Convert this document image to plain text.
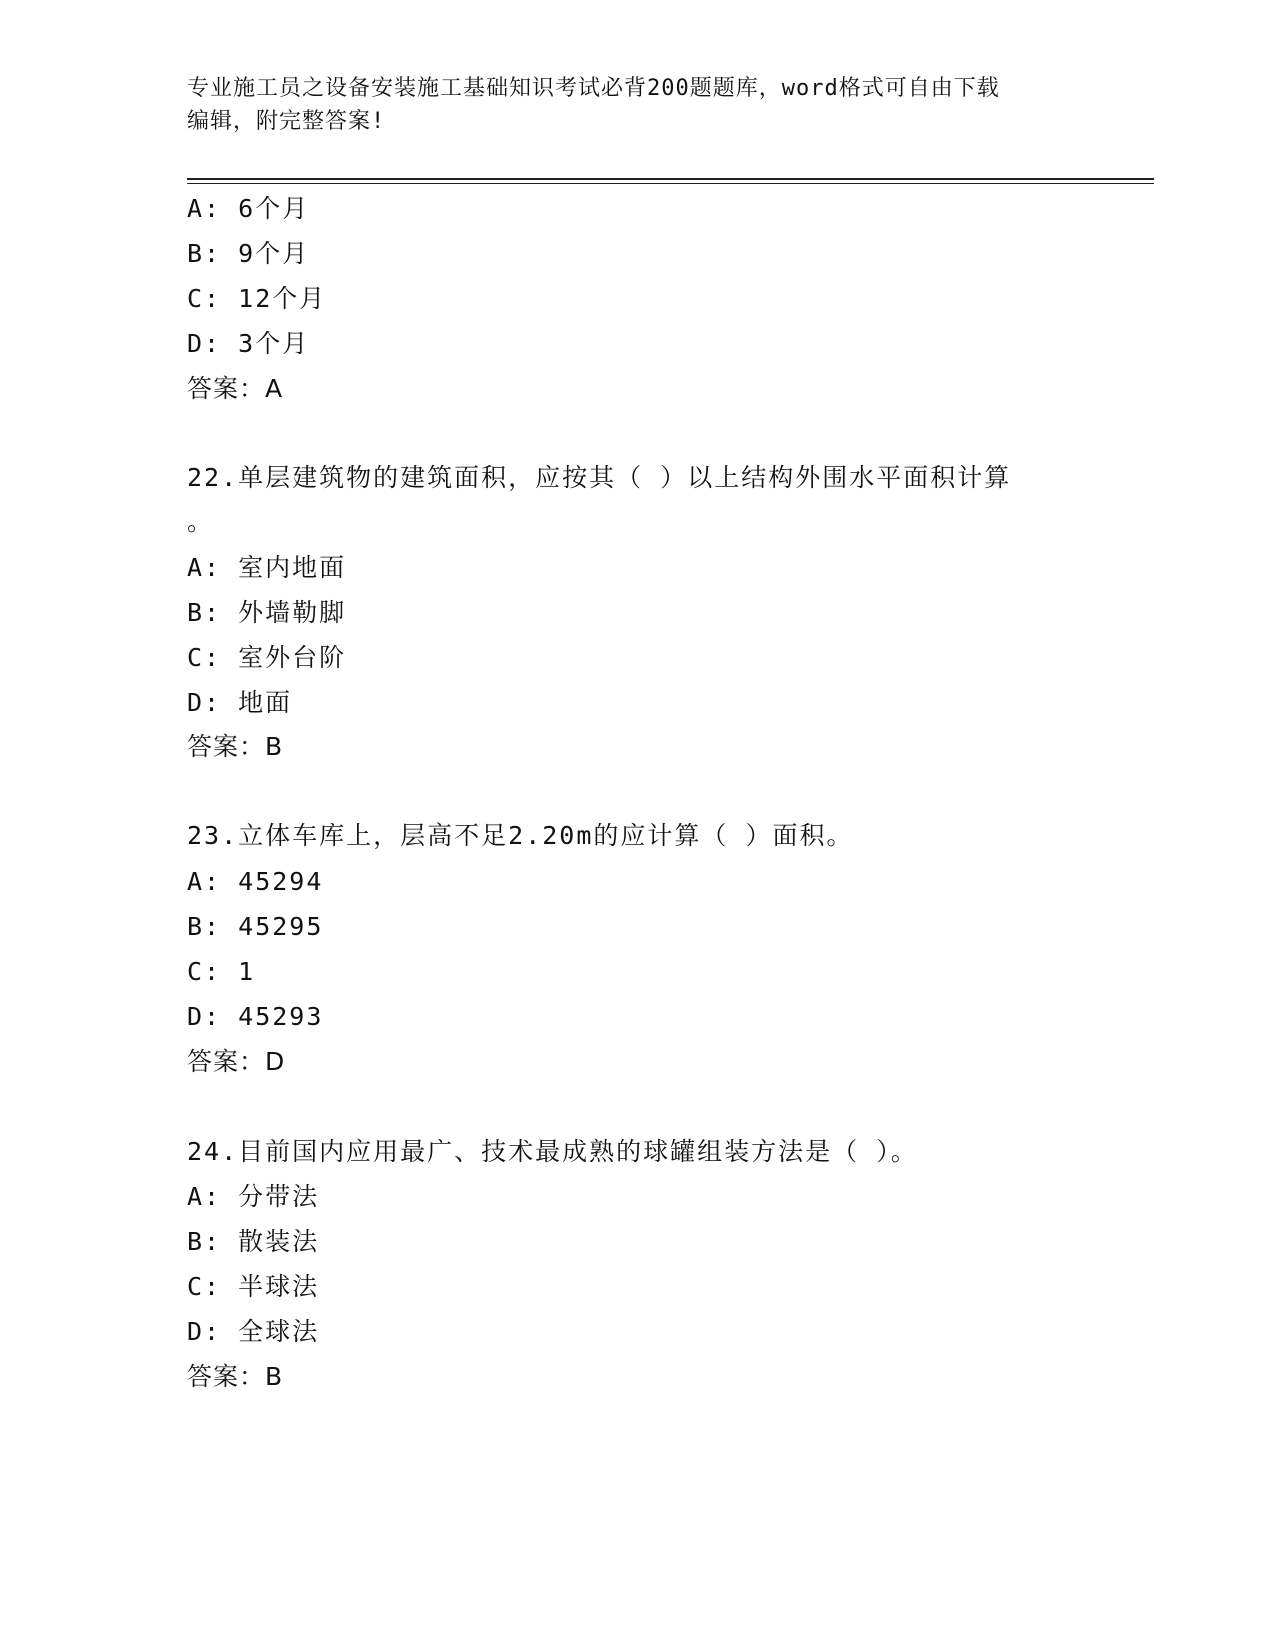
专业施工员之设备安装施工基础知识考试必背200题题库，word格式可自由下载
编辑，附完整答案!
A: 6个月
B: 9个月
C: 12个月
D: 3个月
答案：A
22.单层建筑物的建筑面积，应按其（ ）以上结构外围水平面积计算
。
A: 室内地面
B: 外墙勒脚
C: 室外台阶
D: 地面
答案：B
23.立体车库上，层高不足2.20m的应计算（ ）面积。
A: 45294
B: 45295
C: 1
D: 45293
答案：D
24.目前国内应用最广、技术最成熟的球罐组装方法是（ ）。
A: 分带法
B: 散装法
C: 半球法
D: 全球法
答案：B
